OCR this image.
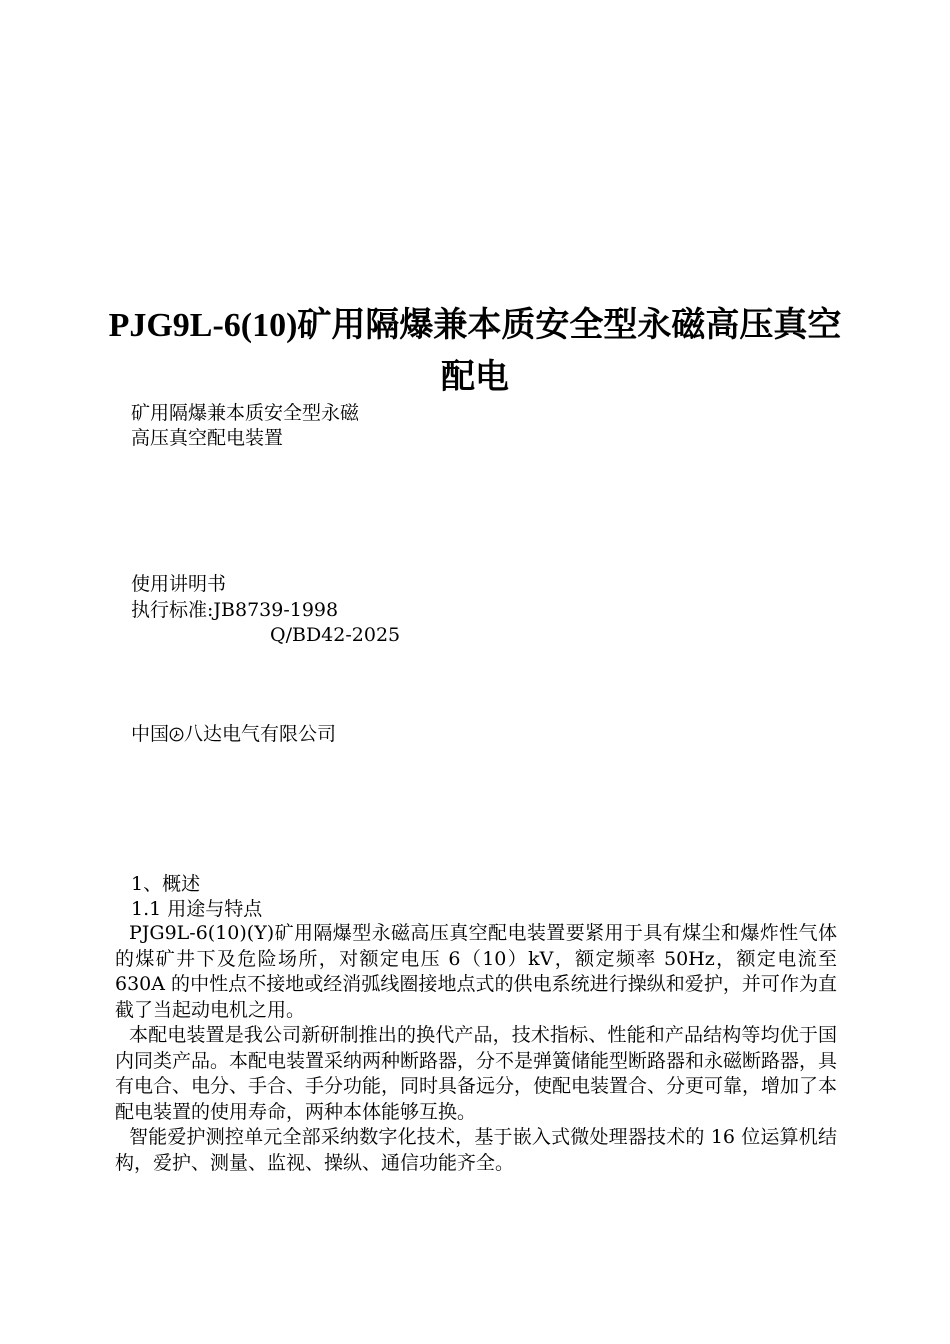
PJG9L-6(10)矿用隔爆兼本质安全型永磁高压真空配电
矿用隔爆兼本质安全型永磁
高压真空配电装置
使用讲明书
执行标准:JB8739-1998
Q/BD42-2025
中国 八达电气有限公司
1、概述
1.1 用途与特点

PJG9L-6(10)(Y)矿用隔爆型永磁高压真空配电装置要紧用于具有煤尘和爆炸性气体的煤矿井下及危险场所，对额定电压 6（10）kV，额定频率 50Hz，额定电流至 630A 的中性点不接地或经消弧线圈接地点式的供电系统进行操纵和爱护，并可作为直截了当起动电机之用。

本配电装置是我公司新研制推出的换代产品，技术指标、性能和产品结构等均优于国内同类产品。本配电装置采纳两种断路器，分不是弹簧储能型断路器和永磁断路器，具有电合、电分、手合、手分功能，同时具备远分，使配电装置合、分更可靠，增加了本配电装置的使用寿命，两种本体能够互换。

智能爱护测控单元全部采纳数字化技术，基于嵌入式微处理器技术的 16 位运算机结构，爱护、测量、监视、操纵、通信功能齐全。
